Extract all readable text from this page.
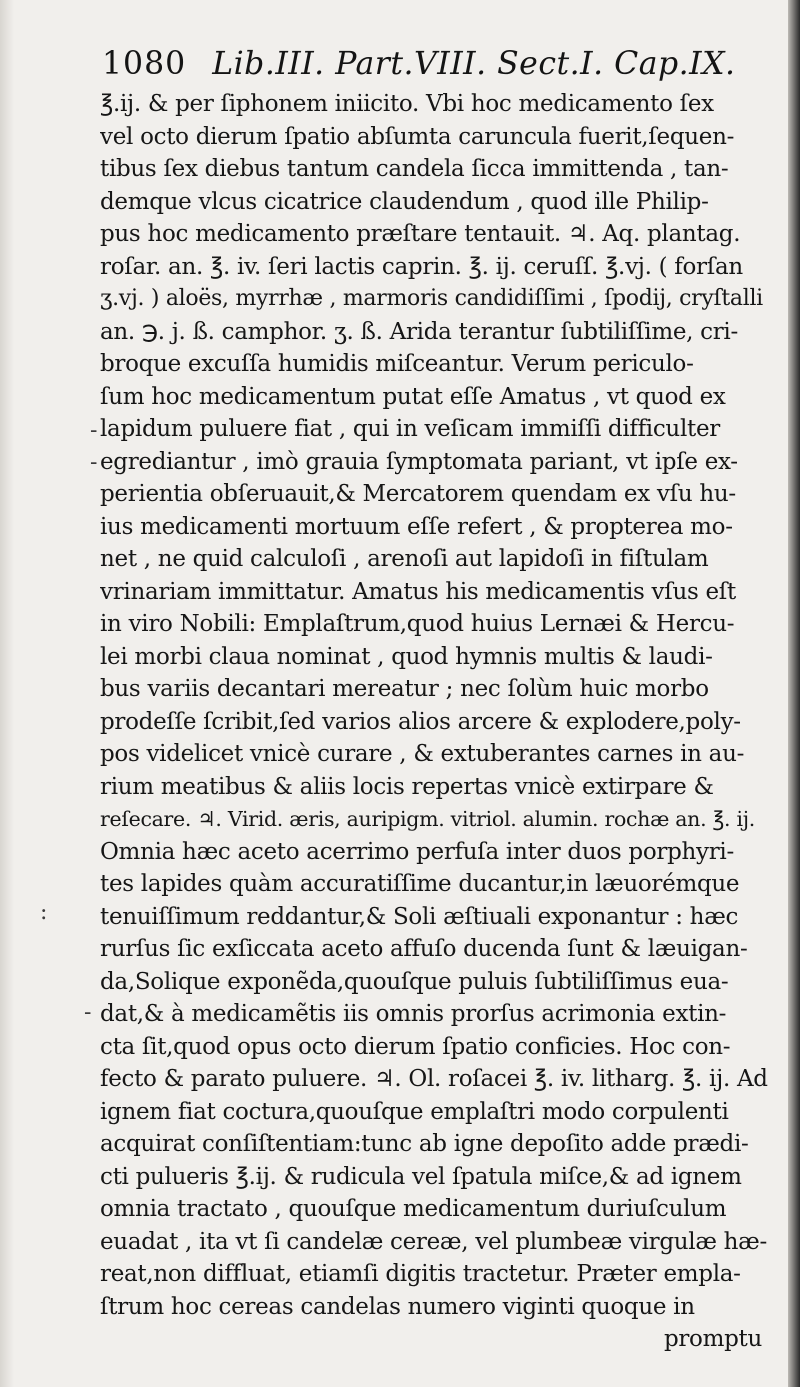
1080 Lib.III. Part.VIII. Sect.I. Cap.IX.
℥.ij. & per ſiphonem iniicito. Vbi hoc medicamento ſex
vel octo dierum ſpatio abſumta caruncula fuerit,ſequen-
tibus ſex diebus tantum candela ſicca immittenda , tan-
demque vlcus cicatrice claudendum , quod ille Philip-
pus hoc medicamento præſtare tentauit. ♃. Aq. plantag.
roſar. an. ℥. iv. ſeri lactis caprin. ℥. ij. ceruſſ. ℥.vj. ( forſan
ʒ.vj. ) aloës, myrrhæ , marmoris candidiſſimi , ſpodij, cryſtalli
an. ℈. j. ß. camphor. ʒ. ß. Arida terantur ſubtiliſſime, cri-
broque excuſſa humidis miſceantur. Verum periculo-
ſum hoc medicamentum putat eſſe Amatus , vt quod ex
lapidum puluere fiat , qui in veſicam immiſſi difficulter
egrediantur , imò grauia ſymptomata pariant, vt ipſe ex-
perientia obſeruauit,& Mercatorem quendam ex vſu hu-
ius medicamenti mortuum eſſe refert , & propterea mo-
net , ne quid calculoſi , arenoſi aut lapidoſi in fiſtulam
vrinariam immittatur. Amatus his medicamentis vſus eſt
in viro Nobili: Emplaſtrum,quod huius Lernæi & Hercu-
lei morbi claua nominat , quod hymnis multis & laudi-
bus variis decantari mereatur ; nec ſolùm huic morbo
prodeſſe ſcribit,ſed varios alios arcere & explodere,poly-
pos videlicet vnicè curare , & extuberantes carnes in au-
rium meatibus & aliis locis repertas vnicè extirpare &
reſecare. ♃. Virid. æris, auripigm. vitriol. alumin. rochæ an. ℥. ij.
Omnia hæc aceto acerrimo perfuſa inter duos porphyri-
tes lapides quàm accuratiſſime ducantur,in læuorémque
tenuiſſimum reddantur,& Soli æſtiuali exponantur : hæc
rurſus ſic exſiccata aceto affuſo ducenda ſunt & læuigan-
da,Solique exponẽda,quouſque puluis ſubtiliſſimus eua-
dat,& à medicamẽtis iis omnis prorſus acrimonia extin-
cta ſit,quod opus octo dierum ſpatio conficies. Hoc con-
fecto & parato puluere. ♃. Ol. roſacei ℥. iv. litharg. ℥. ij. Ad
ignem fiat coctura,quouſque emplaſtri modo corpulenti
acquirat conſiſtentiam:tunc ab igne depoſito adde prædi-
cti pulueris ℥.ij. & rudicula vel ſpatula miſce,& ad ignem
omnia tractato , quouſque medicamentum duriuſculum
euadat , ita vt ſi candelæ cereæ, vel plumbeæ virgulæ hæ-
reat,non diffluat, etiamſi digitis tractetur. Præter empla-
ſtrum hoc cereas candelas numero viginti quoque in
promptu
-
-
:
-
